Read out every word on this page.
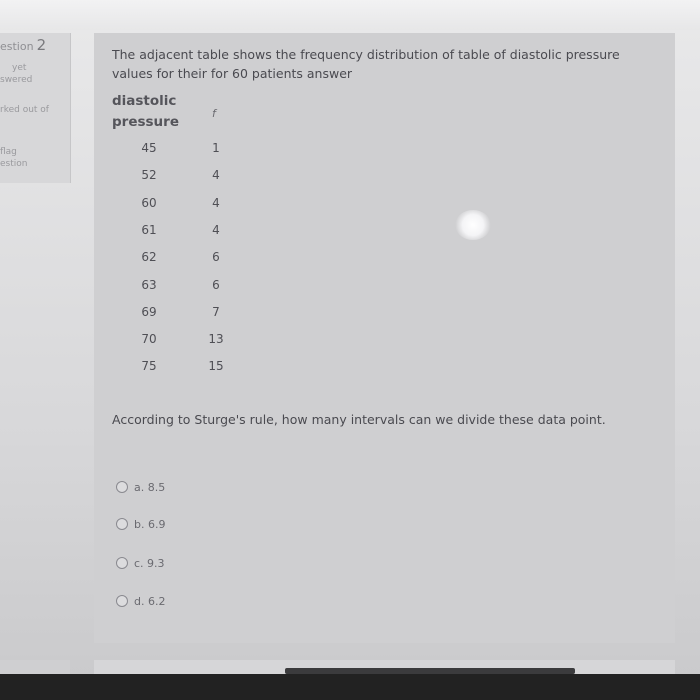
estion 2
yet
swered
rked out of
flag
estion
The adjacent table shows the frequency distribution of table of diastolic pressure values for their for 60 patients answer
diastolic
pressure
f
45	1
52	4
60	4
61	4
62	6
63	6
69	7
70	13
75	15
According to Sturge's rule, how many intervals can we divide these data point.
a. 8.5
b. 6.9
c. 9.3
d. 6.2
